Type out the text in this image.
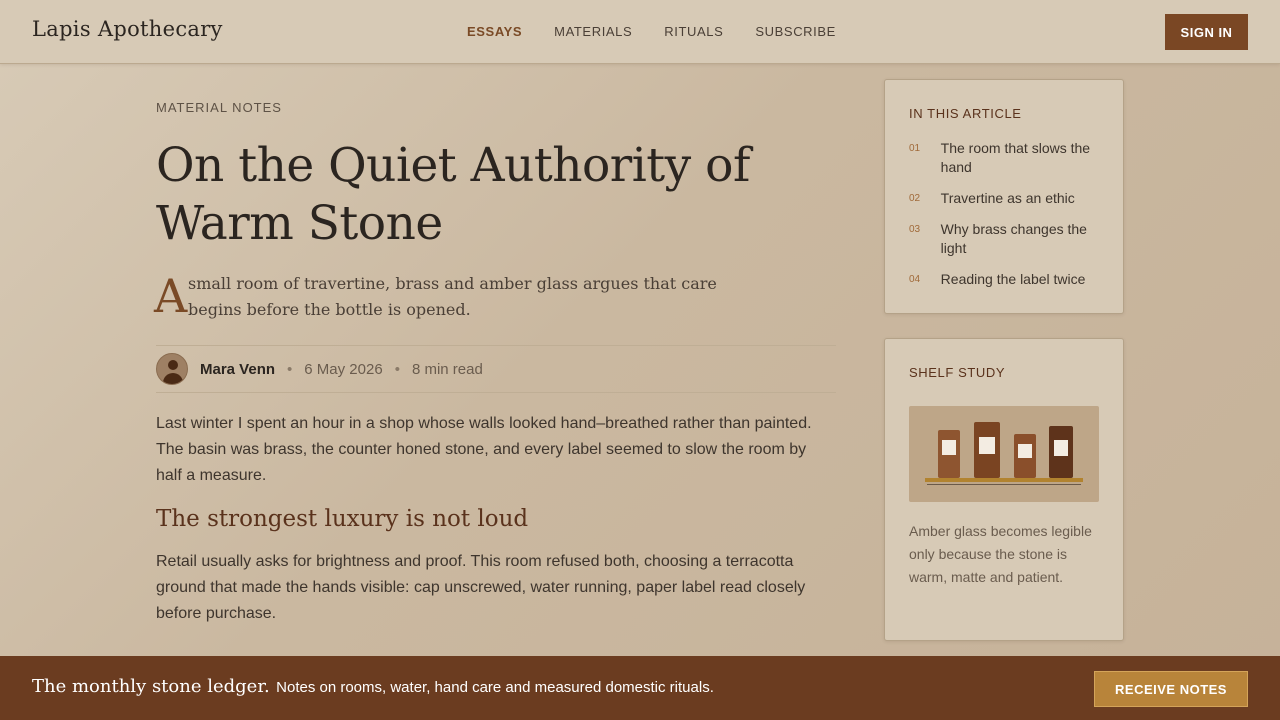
Lapis Apothecary	ESSAYS MATERIALS RITUALS SUBSCRIBE	SIGN IN
MATERIAL NOTES
On the Quiet Authority of Warm Stone

A small room of travertine, brass and amber glass argues that care begins before the bottle is opened.

Mara Venn • 6 May 2026 • 8 min read

Last winter I spent an hour in a shop whose walls looked hand–breathed rather than painted. The basin was brass, the counter honed stone, and every label seemed to slow the room by half a measure.

The strongest luxury is not loud

Retail usually asks for brightness and proof. This room refused both, choosing a terracotta ground that made the hands visible: cap unscrewed, water running, paper label read closely before purchase.

IN THIS ARTICLE
01	The room that slows the hand
02	Travertine as an ethic
03	Why brass changes the light
04	Reading the label twice
SHELF STUDY

Amber glass becomes legible only because the stone is warm, matte and patient.

The monthly stone ledger. Notes on rooms, water, hand care and measured domestic rituals.	RECEIVE NOTES
